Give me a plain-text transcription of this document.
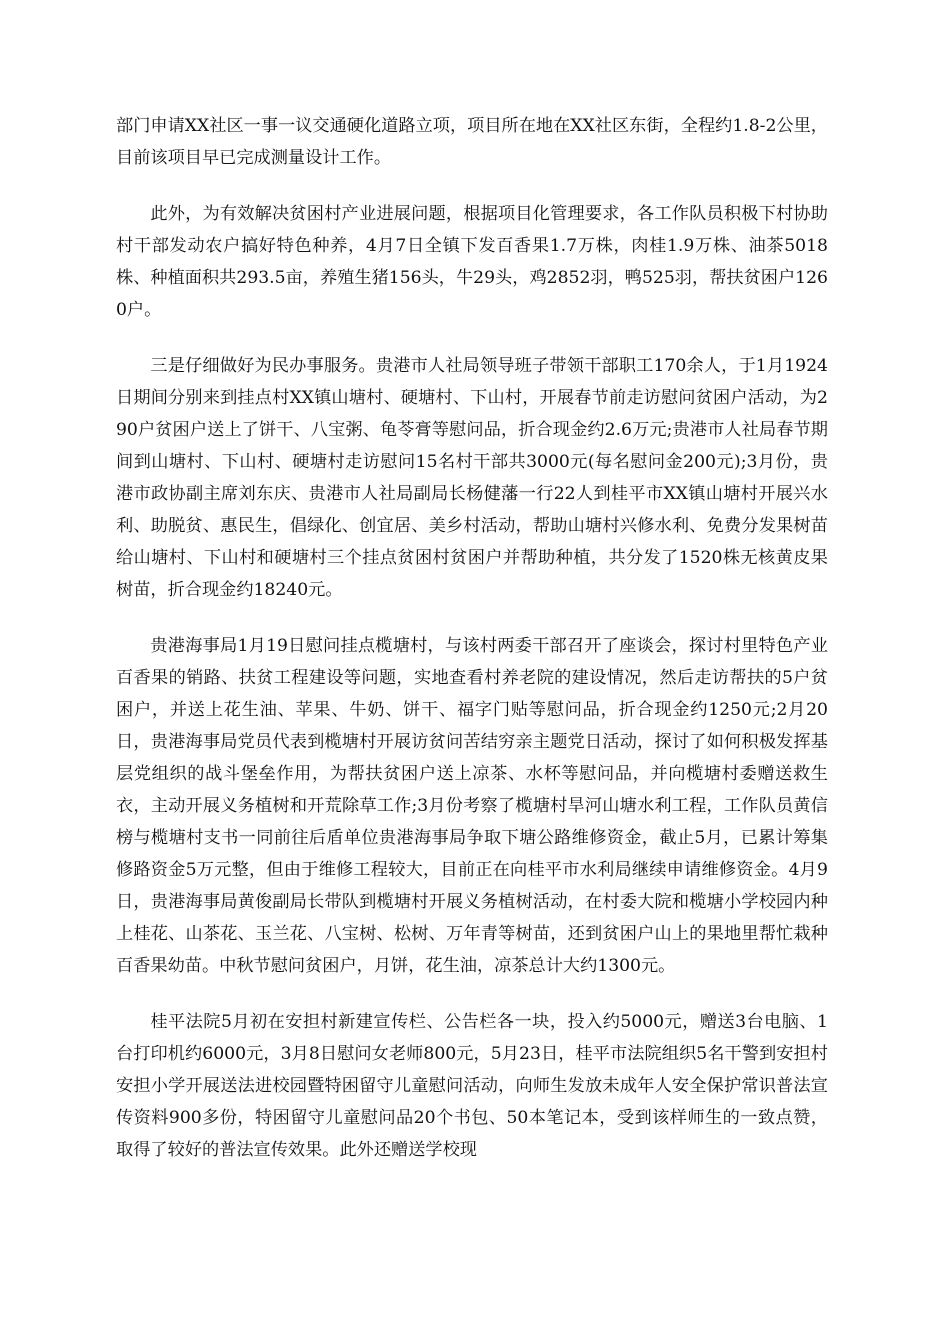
部门申请XX社区一事一议交通硬化道路立项，项目所在地在XX社区东街，全程约1.8-2公里，目前该项目早已完成测量设计工作。

此外，为有效解决贫困村产业进展问题，根据项目化管理要求，各工作队员积极下村协助村干部发动农户搞好特色种养，4月7日全镇下发百香果1.7万株，肉桂1.9万株、油茶5018株、种植面积共293.5亩，养殖生猪156头，牛29头，鸡2852羽，鸭525羽，帮扶贫困户1260户。

三是仔细做好为民办事服务。贵港市人社局领导班子带领干部职工170余人，于1月1924日期间分别来到挂点村XX镇山塘村、硬塘村、下山村，开展春节前走访慰问贫困户活动，为290户贫困户送上了饼干、八宝粥、龟苓膏等慰问品，折合现金约2.6万元;贵港市人社局春节期间到山塘村、下山村、硬塘村走访慰问15名村干部共3000元(每名慰问金200元);3月份，贵港市政协副主席刘东庆、贵港市人社局副局长杨健藩一行22人到桂平市XX镇山塘村开展兴水利、助脱贫、惠民生，倡绿化、创宜居、美乡村活动，帮助山塘村兴修水利、免费分发果树苗给山塘村、下山村和硬塘村三个挂点贫困村贫困户并帮助种植，共分发了1520株无核黄皮果树苗，折合现金约18240元。

贵港海事局1月19日慰问挂点榄塘村，与该村两委干部召开了座谈会，探讨村里特色产业百香果的销路、扶贫工程建设等问题，实地查看村养老院的建设情况，然后走访帮扶的5户贫困户，并送上花生油、苹果、牛奶、饼干、福字门贴等慰问品，折合现金约1250元;2月20日，贵港海事局党员代表到榄塘村开展访贫问苦结穷亲主题党日活动，探讨了如何积极发挥基层党组织的战斗堡垒作用，为帮扶贫困户送上凉茶、水杯等慰问品，并向榄塘村委赠送救生衣，主动开展义务植树和开荒除草工作;3月份考察了榄塘村旱河山塘水利工程，工作队员黄信榜与榄塘村支书一同前往后盾单位贵港海事局争取下塘公路维修资金，截止5月，已累计筹集修路资金5万元整，但由于维修工程较大，目前正在向桂平市水利局继续申请维修资金。4月9日，贵港海事局黄俊副局长带队到榄塘村开展义务植树活动，在村委大院和榄塘小学校园内种上桂花、山茶花、玉兰花、八宝树、松树、万年青等树苗，还到贫困户山上的果地里帮忙栽种百香果幼苗。中秋节慰问贫困户，月饼，花生油，凉茶总计大约1300元。

桂平法院5月初在安担村新建宣传栏、公告栏各一块，投入约5000元，赠送3台电脑、1台打印机约6000元，3月8日慰问女老师800元，5月23日，桂平市法院组织5名干警到安担村安担小学开展送法进校园暨特困留守儿童慰问活动，向师生发放未成年人安全保护常识普法宣传资料900多份，特困留守儿童慰问品20个书包、50本笔记本，受到该样师生的一致点赞，取得了较好的普法宣传效果。此外还赠送学校现
